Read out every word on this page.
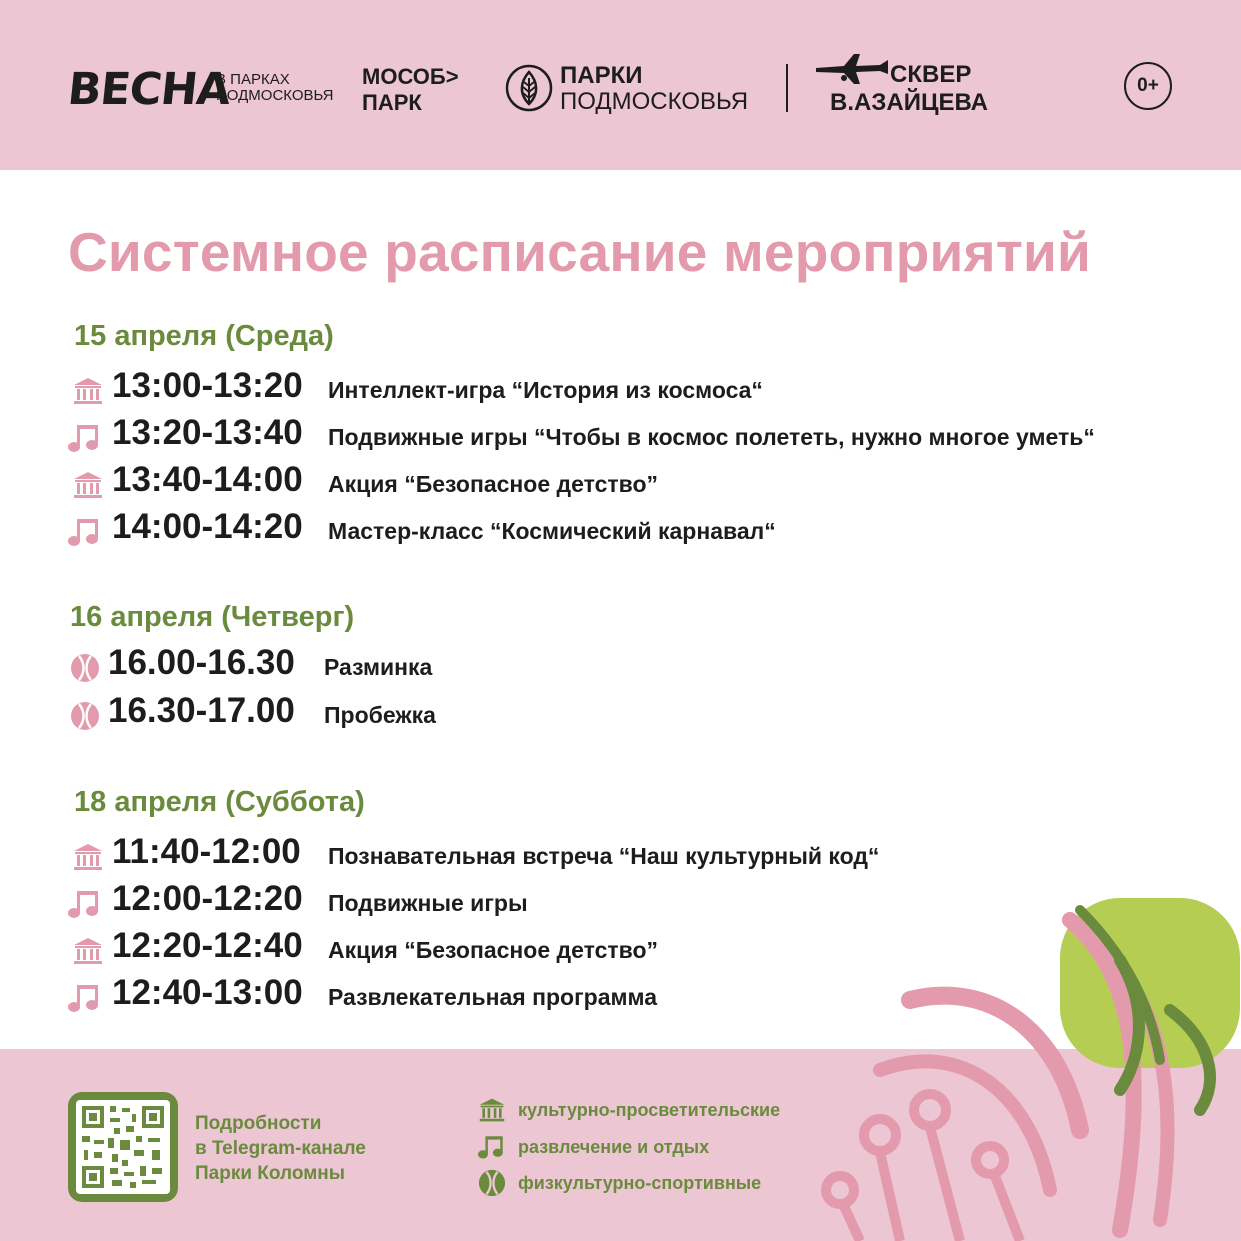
ВЕСНА
В ПАРКАХ
ПОДМОСКОВЬЯ
МОСОБ>
ПАРК
ПАРКИ
ПОДМОСКОВЬЯ
СКВЕР
В.АЗАЙЦЕВА
0+
Системное расписание мероприятий
15 апреля (Среда)
13:00-13:20 Интеллект-игра “История из космоса“
13:20-13:40 Подвижные игры “Чтобы в космос полететь, нужно многое уметь“
13:40-14:00 Акция “Безопасное детство”
14:00-14:20 Мастер-класс “Космический карнавал“
16 апреля (Четверг)
16.00-16.30 Разминка
16.30-17.00 Пробежка
18 апреля (Суббота)
11:40-12:00 Познавательная встреча “Наш культурный код“
12:00-12:20 Подвижные игры
12:20-12:40 Акция “Безопасное детство”
12:40-13:00 Развлекательная программа
Подробности
в Telegram-канале
Парки Коломны
культурно-просветительские
развлечение и отдых
физкультурно-спортивные
